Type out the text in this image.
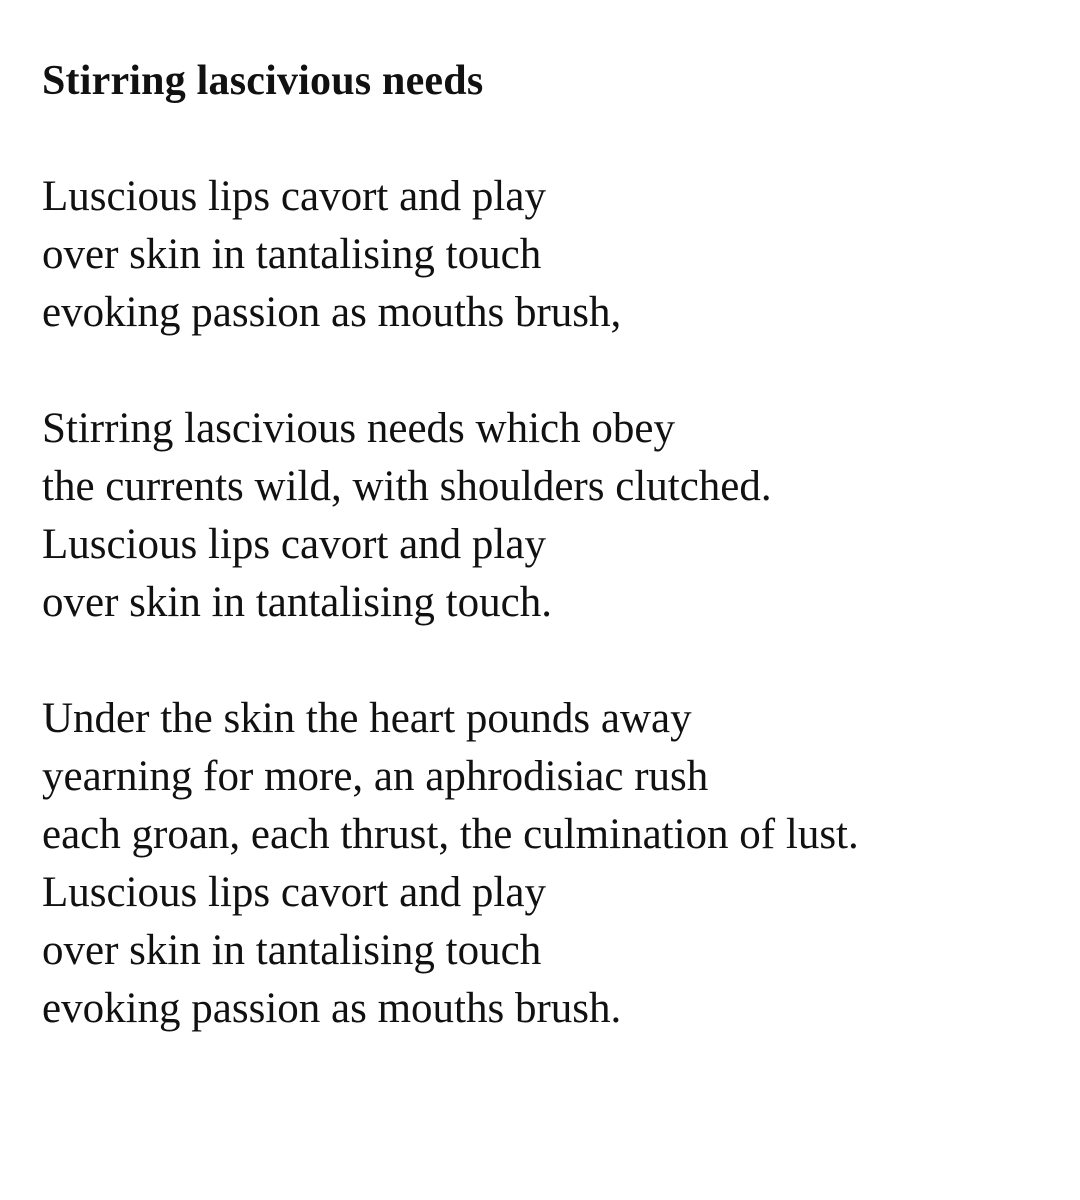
Stirring lascivious needs
Luscious lips cavort and play
over skin in tantalising touch
evoking passion as mouths brush,
Stirring lascivious needs which obey
the currents wild, with shoulders clutched.
Luscious lips cavort and play
over skin in tantalising touch.
Under the skin the heart pounds away
yearning for more, an aphrodisiac rush
each groan, each thrust, the culmination of lust.
Luscious lips cavort and play
over skin in tantalising touch
evoking passion as mouths brush.
